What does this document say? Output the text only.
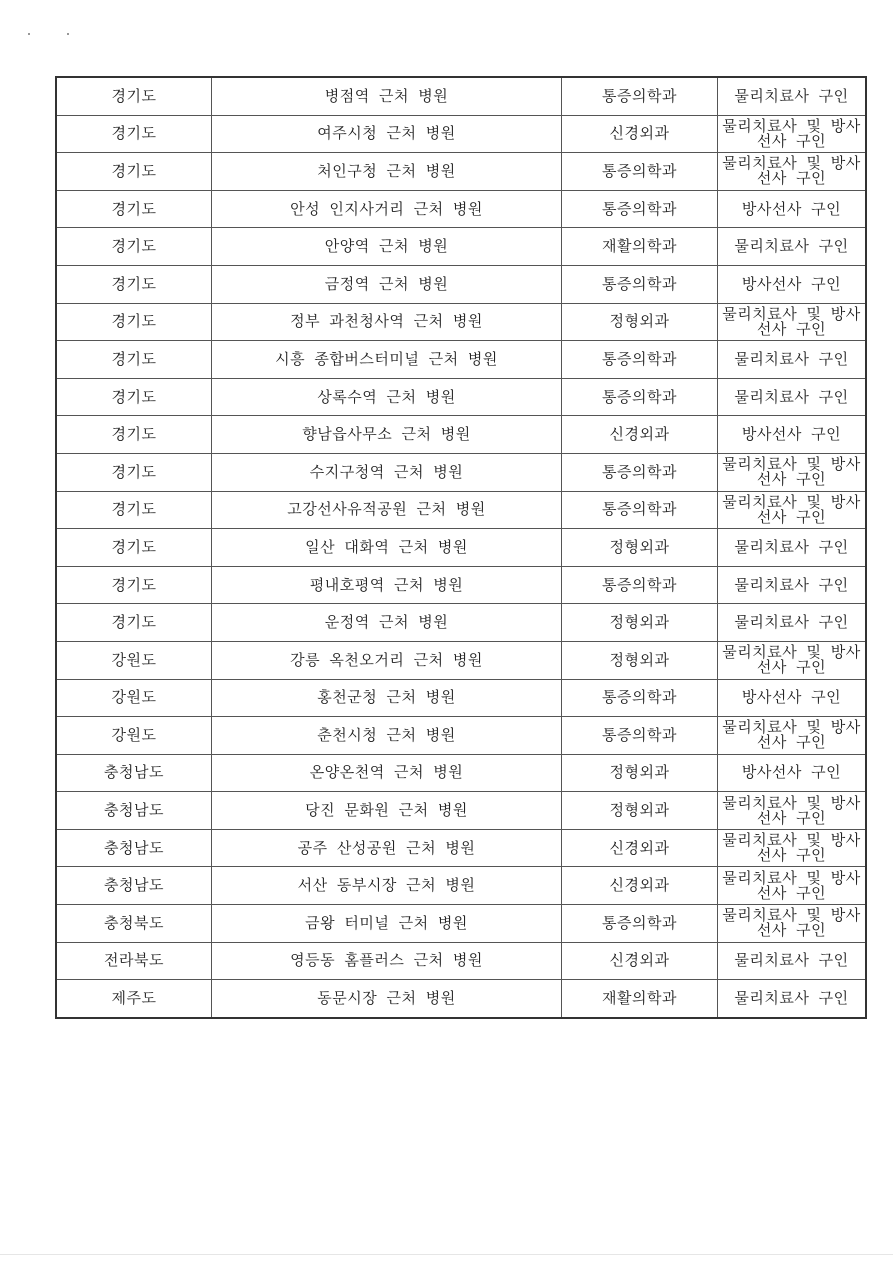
경기도	병점역 근처 병원	통증의학과	물리치료사 구인
경기도	여주시청 근처 병원	신경외과	물리치료사 및 방사선사 구인
경기도	처인구청 근처 병원	통증의학과	물리치료사 및 방사선사 구인
경기도	안성 인지사거리 근처 병원	통증의학과	방사선사 구인
경기도	안양역 근처 병원	재활의학과	물리치료사 구인
경기도	금정역 근처 병원	통증의학과	방사선사 구인
경기도	정부 과천청사역 근처 병원	정형외과	물리치료사 및 방사선사 구인
경기도	시흥 종합버스터미널 근처 병원	통증의학과	물리치료사 구인
경기도	상록수역 근처 병원	통증의학과	물리치료사 구인
경기도	향남읍사무소 근처 병원	신경외과	방사선사 구인
경기도	수지구청역 근처 병원	통증의학과	물리치료사 및 방사선사 구인
경기도	고강선사유적공원 근처 병원	통증의학과	물리치료사 및 방사선사 구인
경기도	일산 대화역 근처 병원	정형외과	물리치료사 구인
경기도	평내호평역 근처 병원	통증의학과	물리치료사 구인
경기도	운정역 근처 병원	정형외과	물리치료사 구인
강원도	강릉 옥천오거리 근처 병원	정형외과	물리치료사 및 방사선사 구인
강원도	홍천군청 근처 병원	통증의학과	방사선사 구인
강원도	춘천시청 근처 병원	통증의학과	물리치료사 및 방사선사 구인
충청남도	온양온천역 근처 병원	정형외과	방사선사 구인
충청남도	당진 문화원 근처 병원	정형외과	물리치료사 및 방사선사 구인
충청남도	공주 산성공원 근처 병원	신경외과	물리치료사 및 방사선사 구인
충청남도	서산 동부시장 근처 병원	신경외과	물리치료사 및 방사선사 구인
충청북도	금왕 터미널 근처 병원	통증의학과	물리치료사 및 방사선사 구인
전라북도	영등동 홈플러스 근처 병원	신경외과	물리치료사 구인
제주도	동문시장 근처 병원	재활의학과	물리치료사 구인
